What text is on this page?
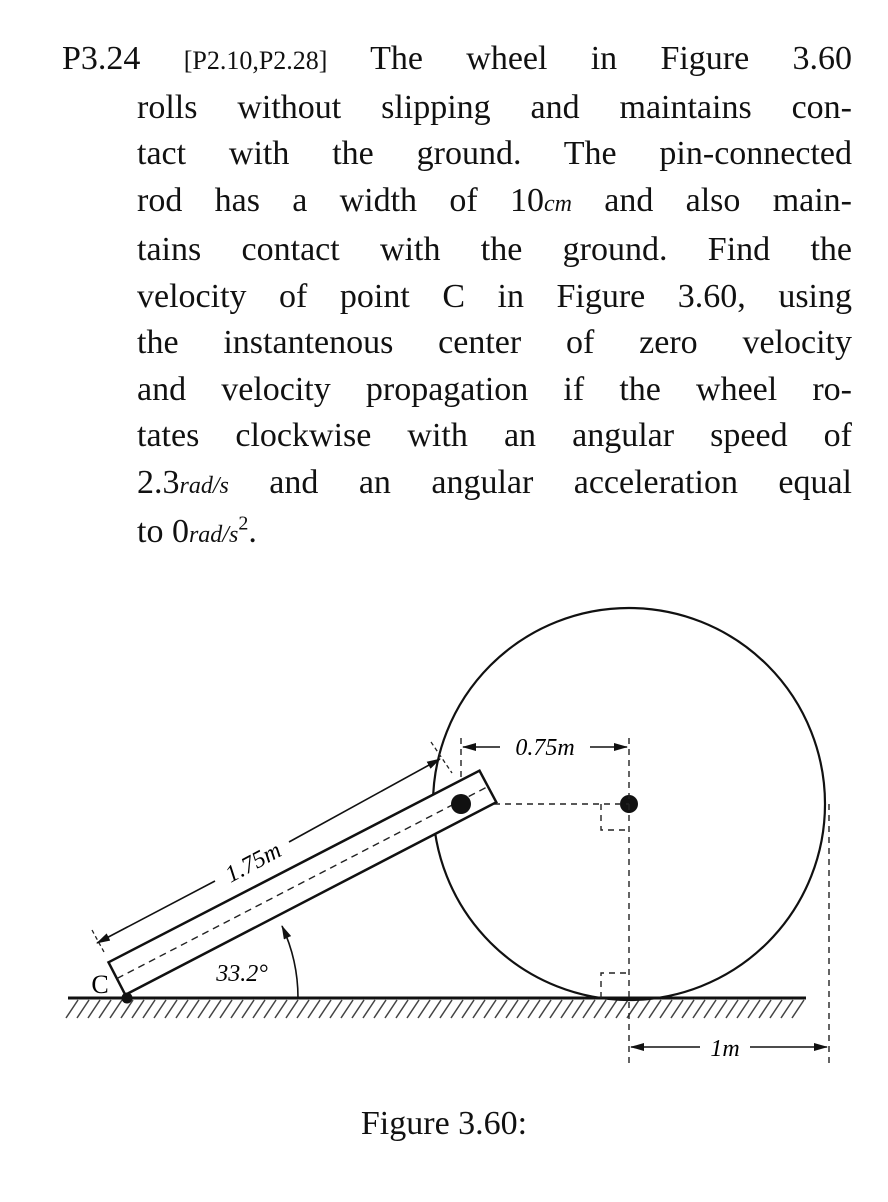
P3.24 [P2.10,P2.28] The wheel in Figure 3.60
rolls without slipping and maintains con-
tact with the ground. The pin-connected
rod has a width of 10cm and also main-
tains contact with the ground. Find the
velocity of point C in Figure 3.60, using
the instantenous center of zero velocity
and velocity propagation if the wheel ro-
tates clockwise with an angular speed of
2.3rad/s and an angular acceleration equal
to $0rad/s^2$.
1.75m
0.75m
33.2°
1m
C
Figure 3.60:
